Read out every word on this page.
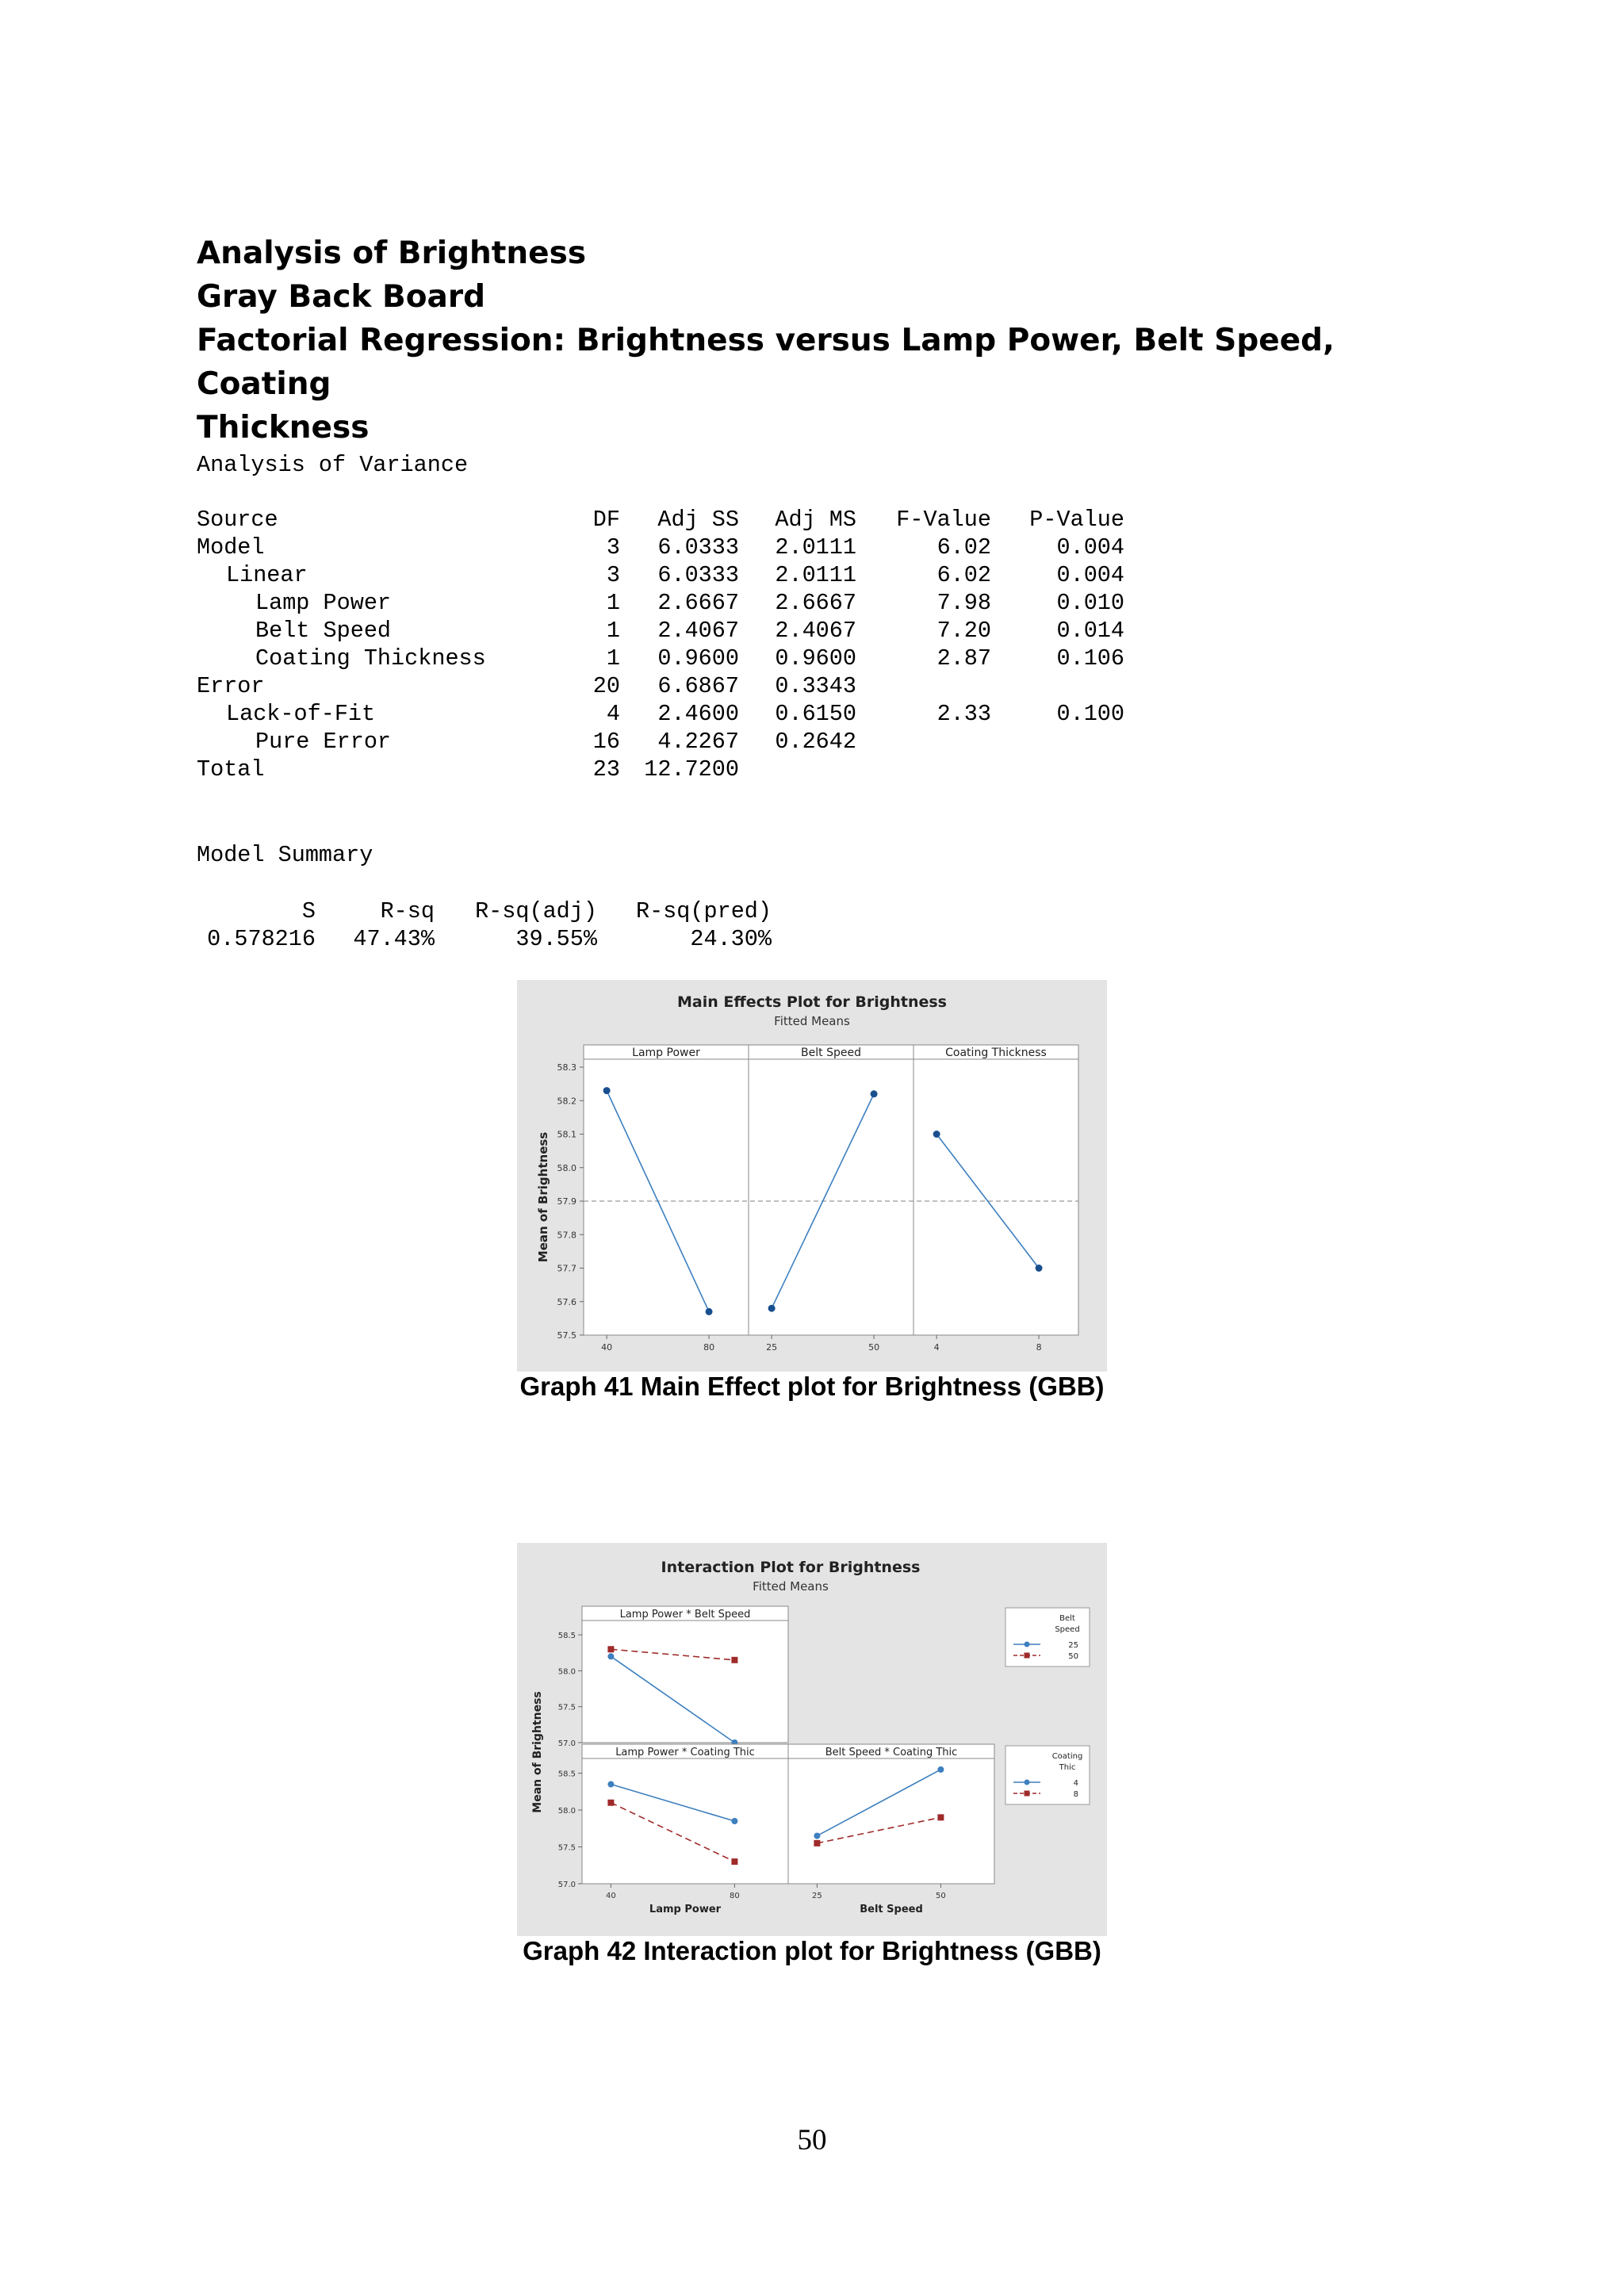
Analysis of Brightness
Gray Back Board
Factorial Regression: Brightness versus Lamp Power, Belt Speed, Coating
Thickness
Analysis of Variance
Source	DF	Adj SS	Adj MS	F-Value	P-Value
Model	3	6.0333	2.0111	6.02	0.004
Linear	3	6.0333	2.0111	6.02	0.004
Lamp Power	1	2.6667	2.6667	7.98	0.010
Belt Speed	1	2.4067	2.4067	7.20	0.014
Coating Thickness	1	0.9600	0.9600	2.87	0.106
Error	20	6.6867	0.3343		
Lack-of-Fit	4	2.4600	0.6150	2.33	0.100
Pure Error	16	4.2267	0.2642		
Total	23	12.7200			
Model Summary
S	R-sq	R-sq(adj)	R-sq(pred)
0.578216	47.43%	39.55%	24.30%
Main Effects Plot for Brightness
Fitted Means
57.5
57.6
57.7
57.8
57.9
58.0
58.1
58.2
58.3
Mean of Brightness
Lamp Power
40	80
Belt Speed
25	50
Coating Thickness
4	8
Graph 41 Main Effect plot for Brightness (GBB)
Interaction Plot for Brightness
Fitted Means
Mean of Brightness
Lamp Power * Belt Speed
57.0
57.5
58.0
58.5
Lamp Power * Coating Thic
57.0
57.5
58.0
58.5
40	80
Lamp Power
Belt Speed * Coating Thic
25	50
Belt Speed
Belt
Speed
25
50
Coating
Thic
4
8
Graph 42 Interaction plot for Brightness (GBB)
50
